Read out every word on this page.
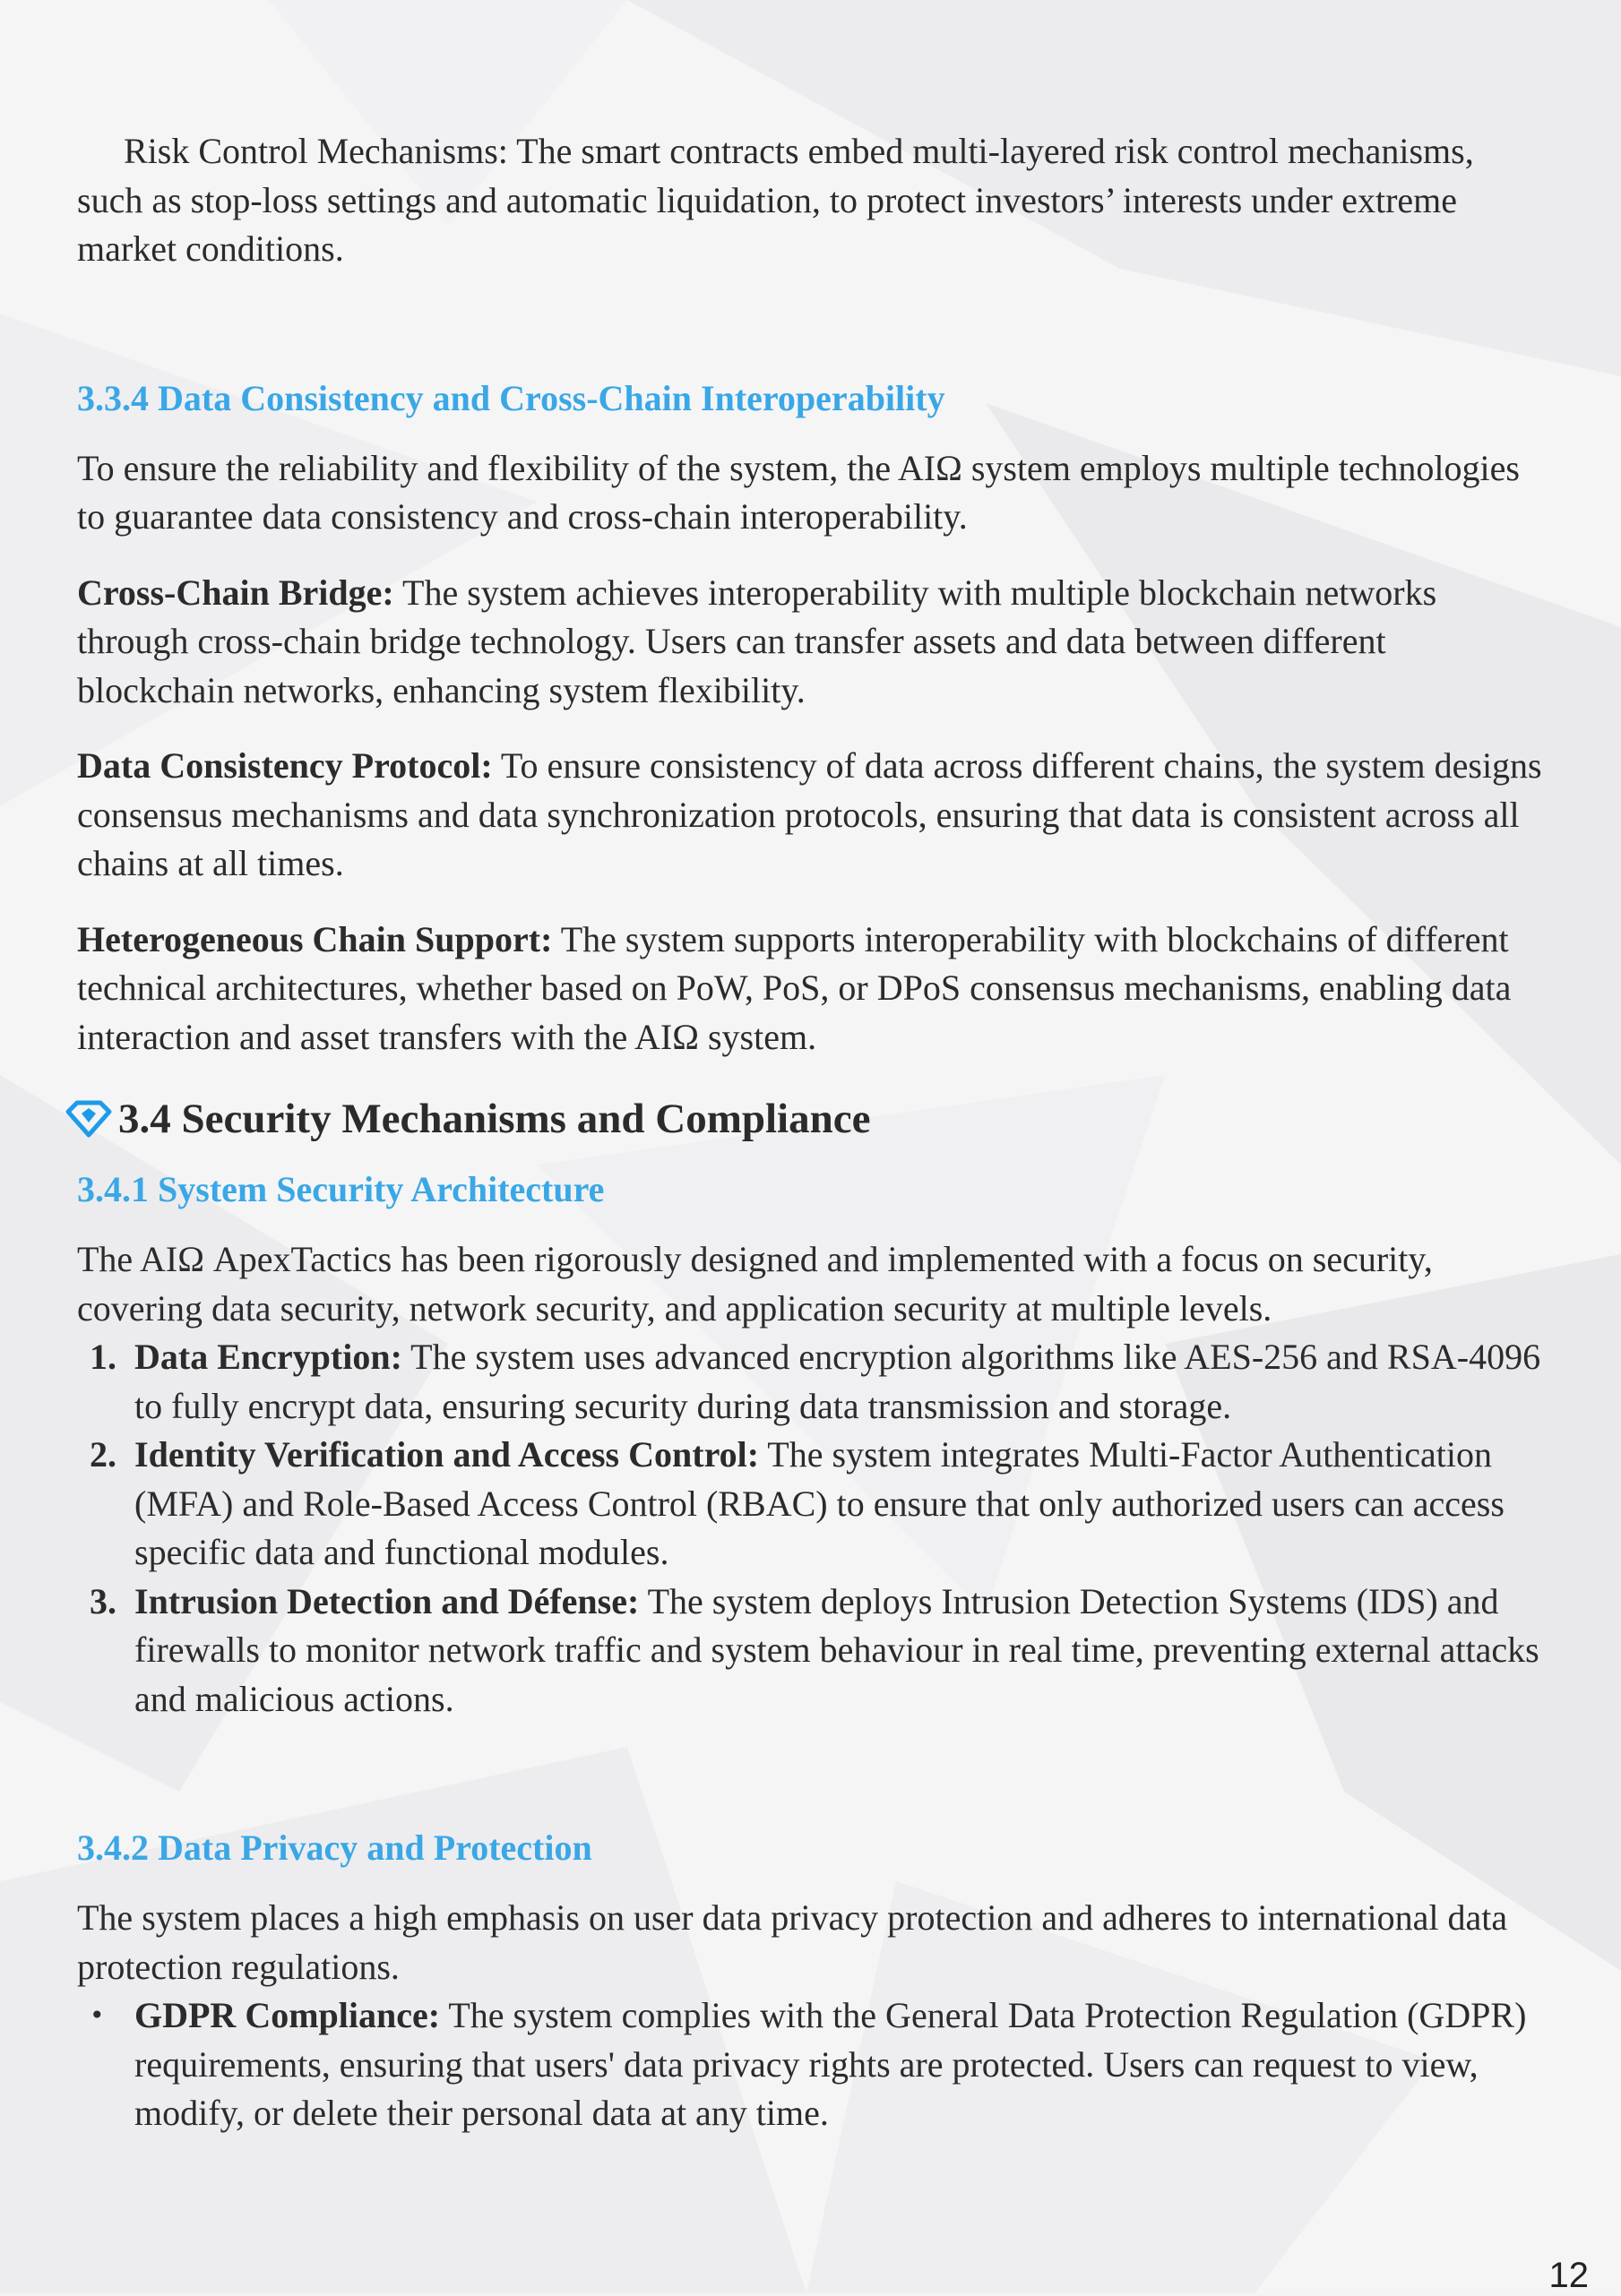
Risk Control Mechanisms: The smart contracts embed multi-layered risk control mechanisms, such as stop-loss settings and automatic liquidation, to protect investors’ interests under extreme market conditions.

3.3.4 Data Consistency and Cross-Chain Interoperability

To ensure the reliability and flexibility of the system, the AIΩ system employs multiple technologies to guarantee data consistency and cross-chain interoperability.

Cross-Chain Bridge: The system achieves interoperability with multiple blockchain networks through cross-chain bridge technology. Users can transfer assets and data between different blockchain networks, enhancing system flexibility.

Data Consistency Protocol: To ensure consistency of data across different chains, the system designs consensus mechanisms and data synchronization protocols, ensuring that data is consistent across all chains at all times.

Heterogeneous Chain Support: The system supports interoperability with blockchains of different technical architectures, whether based on PoW, PoS, or DPoS consensus mechanisms, enabling data interaction and asset transfers with the AIΩ system.

3.4 Security Mechanisms and Compliance

3.4.1 System Security Architecture

The AIΩ ApexTactics has been rigorously designed and implemented with a focus on security, covering data security, network security, and application security at multiple levels.

1. Data Encryption: The system uses advanced encryption algorithms like AES-256 and RSA-4096 to fully encrypt data, ensuring security during data transmission and storage.
2. Identity Verification and Access Control: The system integrates Multi-Factor Authentication (MFA) and Role-Based Access Control (RBAC) to ensure that only authorized users can access specific data and functional modules.
3. Intrusion Detection and Défense: The system deploys Intrusion Detection Systems (IDS) and firewalls to monitor network traffic and system behaviour in real time, preventing external attacks and malicious actions.

3.4.2 Data Privacy and Protection

The system places a high emphasis on user data privacy protection and adheres to international data protection regulations.

• GDPR Compliance: The system complies with the General Data Protection Regulation (GDPR) requirements, ensuring that users' data privacy rights are protected. Users can request to view, modify, or delete their personal data at any time.
12
